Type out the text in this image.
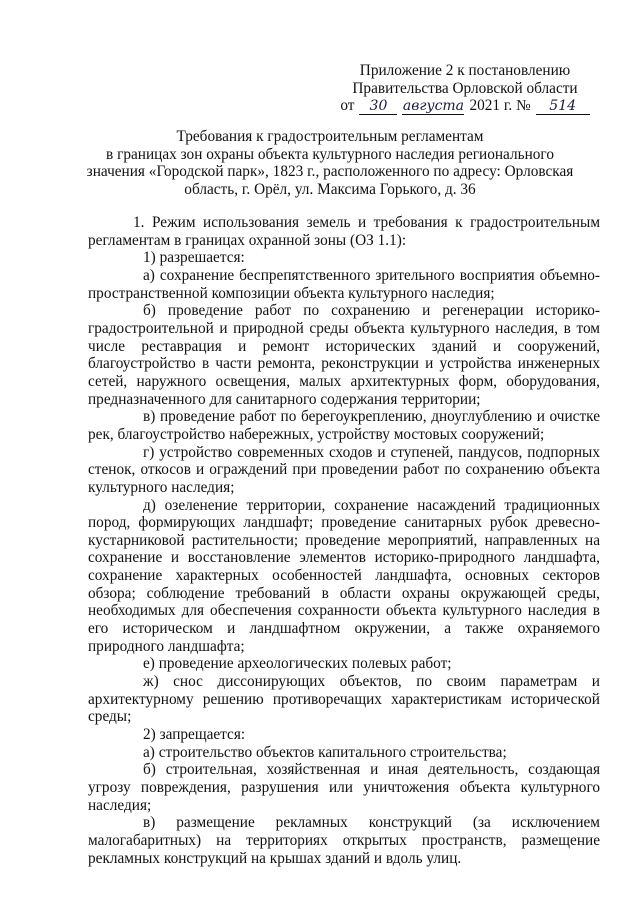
Приложение 2 к постановлению
Правительства Орловской области
от	30	августа 2021 г. №	514
Требования к градостроительным регламентам
в границах зон охраны объекта культурного наследия регионального
значения «Городской парк», 1823 г., расположенного по адресу: Орловская
область, г. Орёл, ул. Максима Горького, д. 36

1. Режим использования земель и требования к градостроительным регламентам в границах охранной зоны (ОЗ 1.1):

1) разрешается:

а) сохранение беспрепятственного зрительного восприятия объемно-пространственной композиции объекта культурного наследия;

б) проведение работ по сохранению и регенерации историко-градостроительной и природной среды объекта культурного наследия, в том числе реставрация и ремонт исторических зданий и сооружений, благоустройство в части ремонта, реконструкции и устройства инженерных сетей, наружного освещения, малых архитектурных форм, оборудования, предназначенного для санитарного содержания территории;

в) проведение работ по берегоукреплению, дноуглублению и очистке рек, благоустройство набережных, устройству мостовых сооружений;

г) устройство современных сходов и ступеней, пандусов, подпорных стенок, откосов и ограждений при проведении работ по сохранению объекта культурного наследия;

д) озеленение территории, сохранение насаждений традиционных пород, формирующих ландшафт; проведение санитарных рубок древесно-кустарниковой растительности; проведение мероприятий, направленных на сохранение и восстановление элементов историко-природного ландшафта, сохранение характерных особенностей ландшафта, основных секторов обзора; соблюдение требований в области охраны окружающей среды, необходимых для обеспечения сохранности объекта культурного наследия в его историческом и ландшафтном окружении, а также охраняемого природного ландшафта;

е) проведение археологических полевых работ;

ж) снос диссонирующих объектов, по своим параметрам и архитектурному решению противоречащих характеристикам исторической среды;

2) запрещается:

а) строительство объектов капитального строительства;

б) строительная, хозяйственная и иная деятельность, создающая угрозу повреждения, разрушения или уничтожения объекта культурного наследия;

в) размещение рекламных конструкций (за исключением малогабаритных) на территориях открытых пространств, размещение рекламных конструкций на крышах зданий и вдоль улиц.
